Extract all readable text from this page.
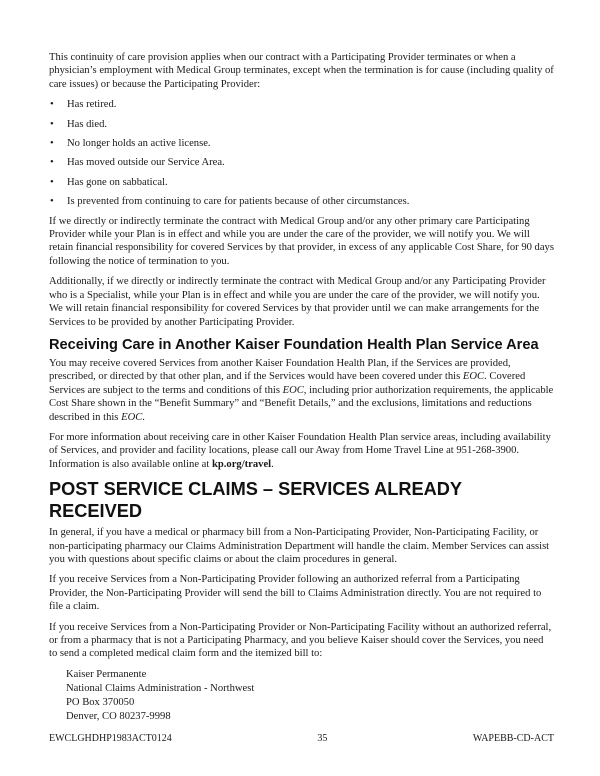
This continuity of care provision applies when our contract with a Participating Provider terminates or when a physician’s employment with Medical Group terminates, except when the termination is for cause (including quality of care issues) or because the Participating Provider:

• Has retired.
• Has died.
• No longer holds an active license.
• Has moved outside our Service Area.
• Has gone on sabbatical.
• Is prevented from continuing to care for patients because of other circumstances.

If we directly or indirectly terminate the contract with Medical Group and/or any other primary care Participating Provider while your Plan is in effect and while you are under the care of the provider, we will notify you. We will retain financial responsibility for covered Services by that provider, in excess of any applicable Cost Share, for 90 days following the notice of termination to you.

Additionally, if we directly or indirectly terminate the contract with Medical Group and/or any Participating Provider who is a Specialist, while your Plan is in effect and while you are under the care of the provider, we will notify you. We will retain financial responsibility for covered Services by that provider until we can make arrangements for the Services to be provided by another Participating Provider.

Receiving Care in Another Kaiser Foundation Health Plan Service Area

You may receive covered Services from another Kaiser Foundation Health Plan, if the Services are provided, prescribed, or directed by that other plan, and if the Services would have been covered under this EOC. Covered Services are subject to the terms and conditions of this EOC, including prior authorization requirements, the applicable Cost Share shown in the “Benefit Summary” and “Benefit Details,” and the exclusions, limitations and reductions described in this EOC.

For more information about receiving care in other Kaiser Foundation Health Plan service areas, including availability of Services, and provider and facility locations, please call our Away from Home Travel Line at 951-268-3900. Information is also available online at kp.org/travel.

POST SERVICE CLAIMS – SERVICES ALREADY RECEIVED

In general, if you have a medical or pharmacy bill from a Non-Participating Provider, Non-Participating Facility, or non-participating pharmacy our Claims Administration Department will handle the claim. Member Services can assist you with questions about specific claims or about the claim procedures in general.

If you receive Services from a Non-Participating Provider following an authorized referral from a Participating Provider, the Non-Participating Provider will send the bill to Claims Administration directly. You are not required to file a claim.

If you receive Services from a Non-Participating Provider or Non-Participating Facility without an authorized referral, or from a pharmacy that is not a Participating Pharmacy, and you believe Kaiser should cover the Services, you need to send a completed medical claim form and the itemized bill to:

Kaiser Permanente
National Claims Administration - Northwest
PO Box 370050
Denver, CO 80237-9998
EWCLGHDHP1983ACT0124	35	WAPEBB-CD-ACT
